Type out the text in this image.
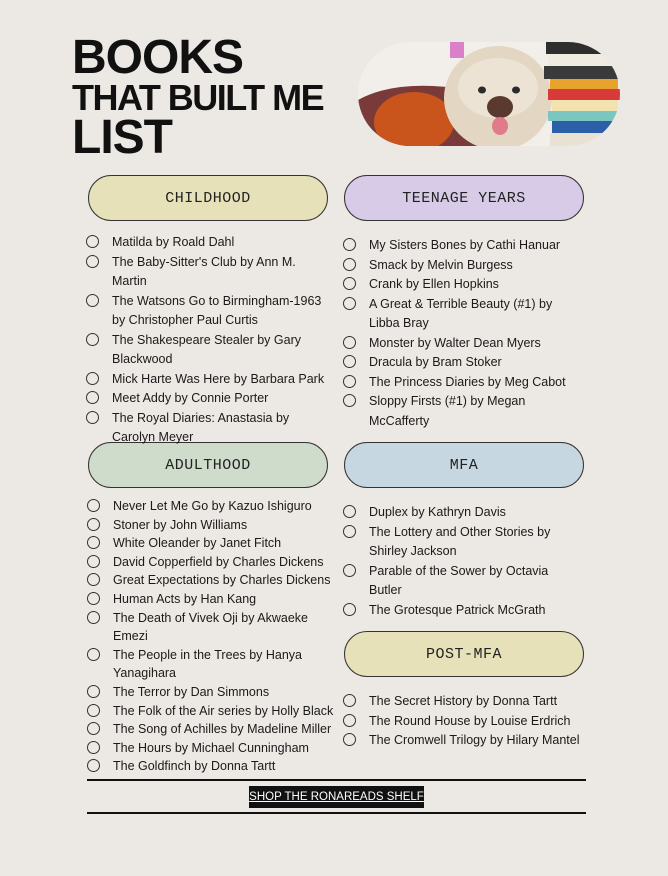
BOOKS
THAT BUILT ME
LIST
CHILDHOOD	TEENAGE YEARS
ADULTHOOD	MFA
POST-MFA
Matilda by Roald Dahl
The Baby-Sitter's Club by Ann M. Martin
The Watsons Go to Birmingham-1963 by Christopher Paul Curtis
The Shakespeare Stealer by Gary Blackwood
Mick Harte Was Here by Barbara Park
Meet Addy by Connie Porter
The Royal Diaries: Anastasia by Carolyn Meyer
My Sisters Bones by Cathi Hanuar
Smack by Melvin Burgess
Crank by Ellen Hopkins
A Great & Terrible Beauty (#1) by Libba Bray
Monster by Walter Dean Myers
Dracula by Bram Stoker
The Princess Diaries by Meg Cabot
Sloppy Firsts (#1) by Megan McCafferty
Never Let Me Go by Kazuo Ishiguro
Stoner by John Williams
White Oleander by Janet Fitch
David Copperfield by Charles Dickens
Great Expectations by Charles Dickens
Human Acts by Han Kang
The Death of Vivek Oji by Akwaeke Emezi
The People in the Trees by Hanya Yanagihara
The Terror by Dan Simmons
The Folk of the Air series by Holly Black
The Song of Achilles by Madeline Miller
The Hours by Michael Cunningham
The Goldfinch by Donna Tartt
Duplex by Kathryn Davis
The Lottery and Other Stories by Shirley Jackson
Parable of the Sower by Octavia Butler
The Grotesque Patrick McGrath
The Secret History by Donna Tartt
The Round House by Louise Erdrich
The Cromwell Trilogy by Hilary Mantel
SHOP THE RONAREADS SHELF
